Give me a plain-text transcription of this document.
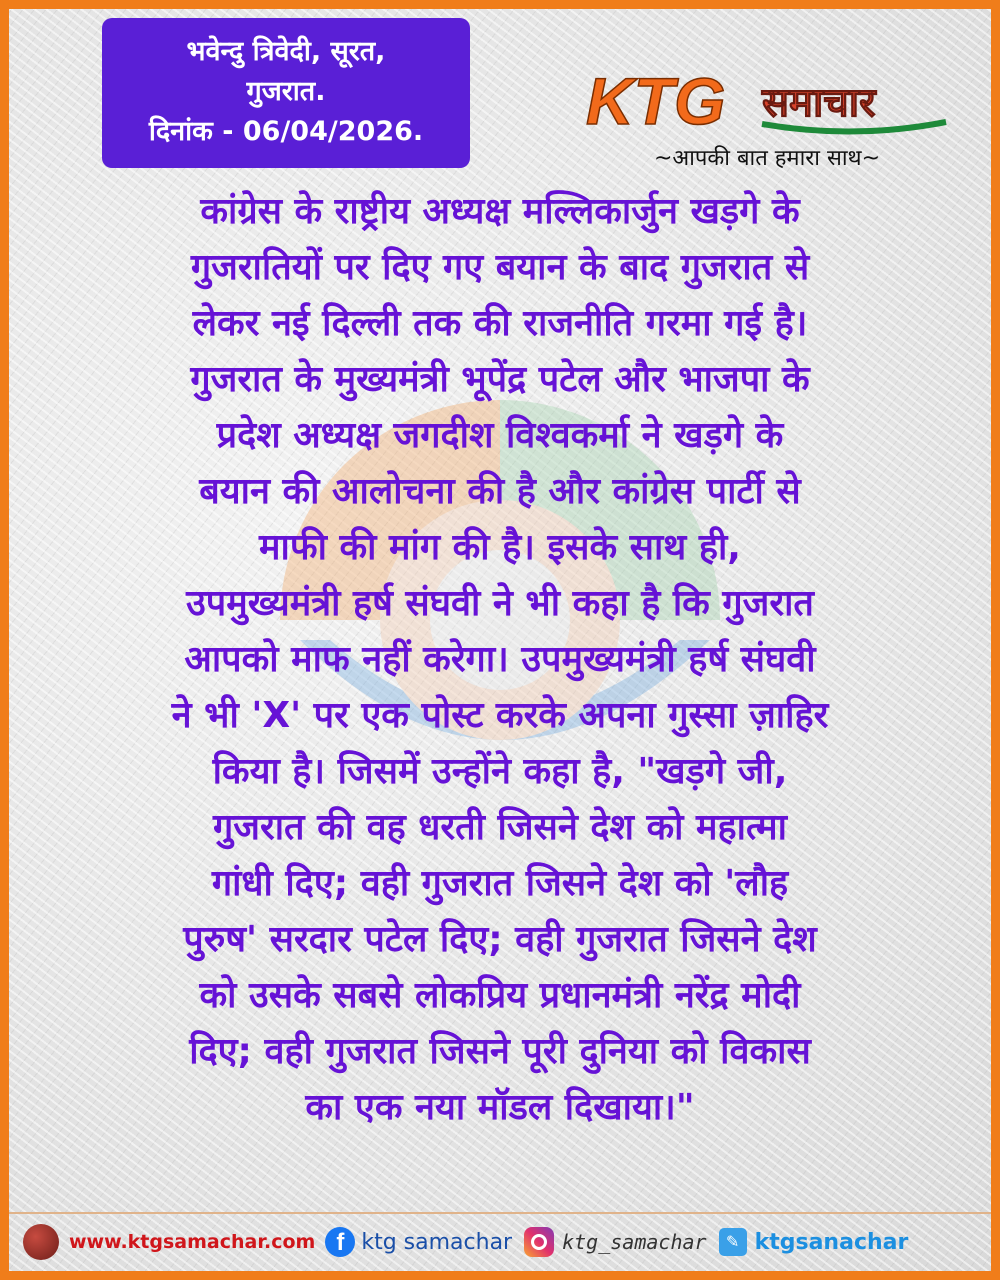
भवेन्दु त्रिवेदी, सूरत,
गुजरात.
दिनांक - 06/04/2026.	KTG समाचार
~आपकी बात हमारा साथ~
कांग्रेस के राष्ट्रीय अध्यक्ष मल्लिकार्जुन खड़गे के
गुजरातियों पर दिए गए बयान के बाद गुजरात से
लेकर नई दिल्ली तक की राजनीति गरमा गई है।
गुजरात के मुख्यमंत्री भूपेंद्र पटेल और भाजपा के
प्रदेश अध्यक्ष जगदीश विश्वकर्मा ने खड़गे के
बयान की आलोचना की है और कांग्रेस पार्टी से
माफी की मांग की है। इसके साथ ही,
उपमुख्यमंत्री हर्ष संघवी ने भी कहा है कि गुजरात
आपको माफ नहीं करेगा। उपमुख्यमंत्री हर्ष संघवी
ने भी 'X' पर एक पोस्ट करके अपना गुस्सा ज़ाहिर
किया है। जिसमें उन्होंने कहा है, "खड़गे जी,
गुजरात की वह धरती जिसने देश को महात्मा
गांधी दिए; वही गुजरात जिसने देश को 'लौह
पुरुष' सरदार पटेल दिए; वही गुजरात जिसने देश
को उसके सबसे लोकप्रिय प्रधानमंत्री नरेंद्र मोदी
दिए; वही गुजरात जिसने पूरी दुनिया को विकास
का एक नया मॉडल दिखाया।"
www.ktgsamachar.com f ktg samachar	ktg_samachar	✎ ktgsanachar
